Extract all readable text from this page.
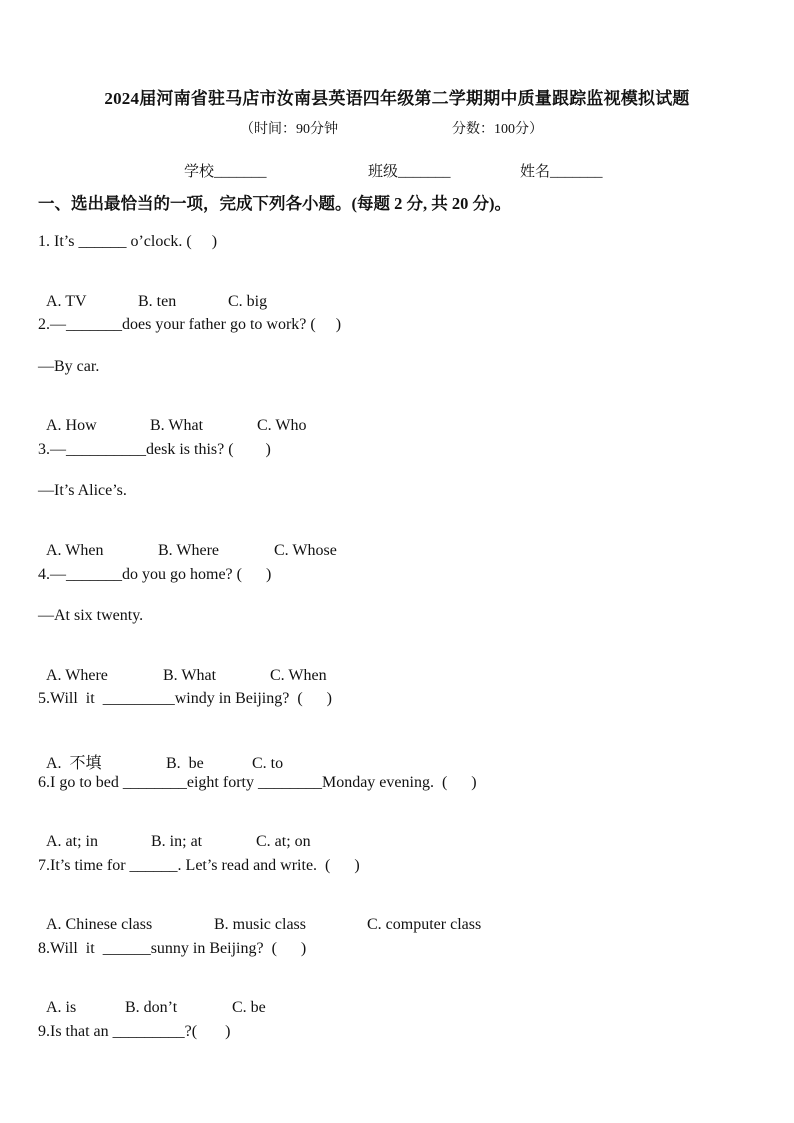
2024届河南省驻马店市汝南县英语四年级第二学期期中质量跟踪监视模拟试题
（时间：90分钟	分数：100分）
学校_______	班级_______	姓名_______
一、选出最恰当的一项，完成下列各小题。(每题 2 分, 共 20 分)。
1. It’s ______ o’clock. (     )

A. TV	B. ten	C. big

2.—_______does your father go to work? (     )
—By car.

A. How	B. What	C. Who

3.—__________desk is this? (        )
—It’s Alice’s.

A. When	B. Where	C. Whose

4.—_______do you go home? (      )
—At six twenty.

A. Where	B. What	C. When

5.Will  it  _________windy in Beijing?  (      )

A.  不填	B.  be	C. to

6.I go to bed ________eight forty ________Monday evening.  (      )

A. at; in	B. in; at	C. at; on

7.It’s time for ______. Let’s read and write.  (      )

A. Chinese class	B. music class	C. computer class

8.Will  it  ______sunny in Beijing?  (      )

A. is	B. don’t	C. be

9.Is that an _________?(       )
